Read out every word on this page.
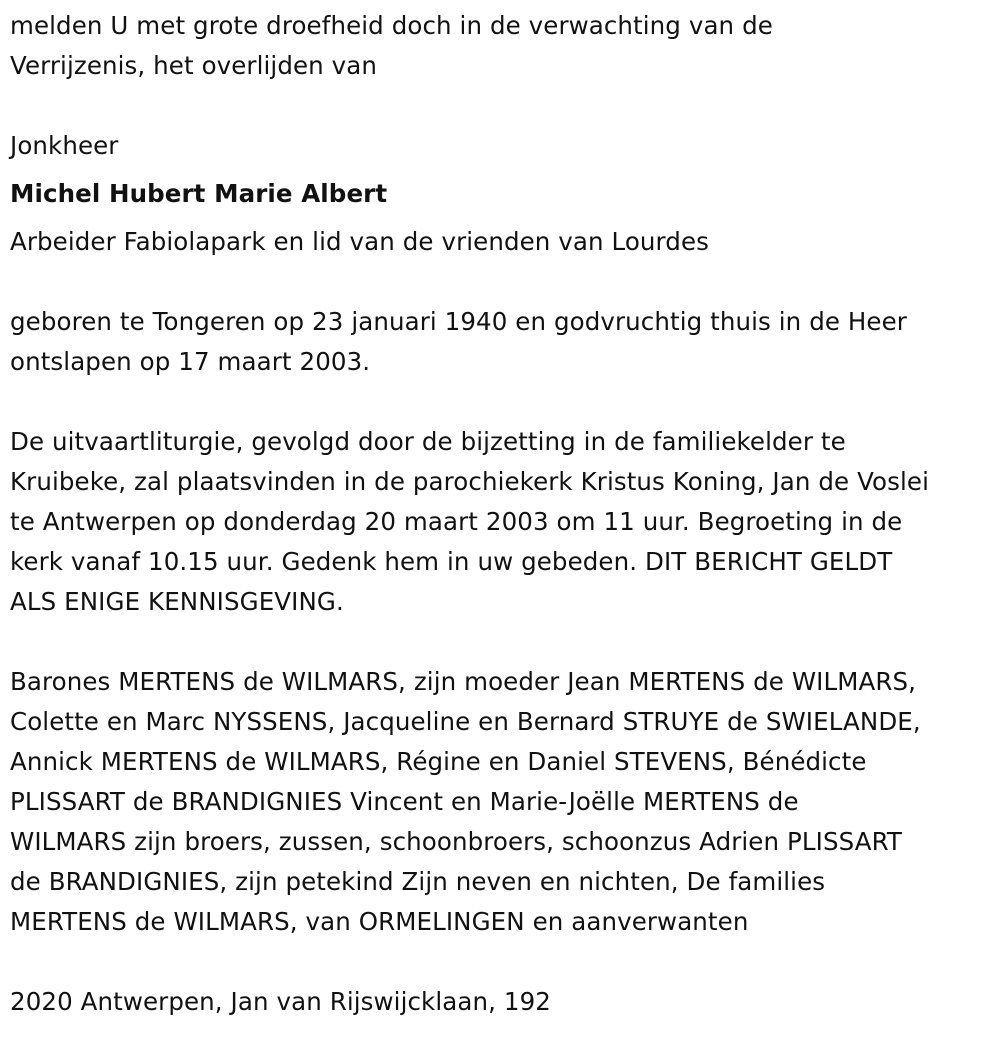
melden U met grote droefheid doch in de verwachting van de
Verrijzenis, het overlijden van
Jonkheer
Michel Hubert Marie Albert
Arbeider Fabiolapark en lid van de vrienden van Lourdes
geboren te Tongeren op 23 januari 1940 en godvruchtig thuis in de Heer
ontslapen op 17 maart 2003.
De uitvaartliturgie, gevolgd door de bijzetting in de familiekelder te
Kruibeke, zal plaatsvinden in de parochiekerk Kristus Koning, Jan de Voslei
te Antwerpen op donderdag 20 maart 2003 om 11 uur. Begroeting in de
kerk vanaf 10.15 uur. Gedenk hem in uw gebeden. DIT BERICHT GELDT
ALS ENIGE KENNISGEVING.
Barones MERTENS de WILMARS, zijn moeder Jean MERTENS de WILMARS,
Colette en Marc NYSSENS, Jacqueline en Bernard STRUYE de SWIELANDE,
Annick MERTENS de WILMARS, Régine en Daniel STEVENS, Bénédicte
PLISSART de BRANDIGNIES Vincent en Marie-Joëlle MERTENS de
WILMARS zijn broers, zussen, schoonbroers, schoonzus Adrien PLISSART
de BRANDIGNIES, zijn petekind Zijn neven en nichten, De families
MERTENS de WILMARS, van ORMELINGEN en aanverwanten
2020 Antwerpen, Jan van Rijswijcklaan, 192
